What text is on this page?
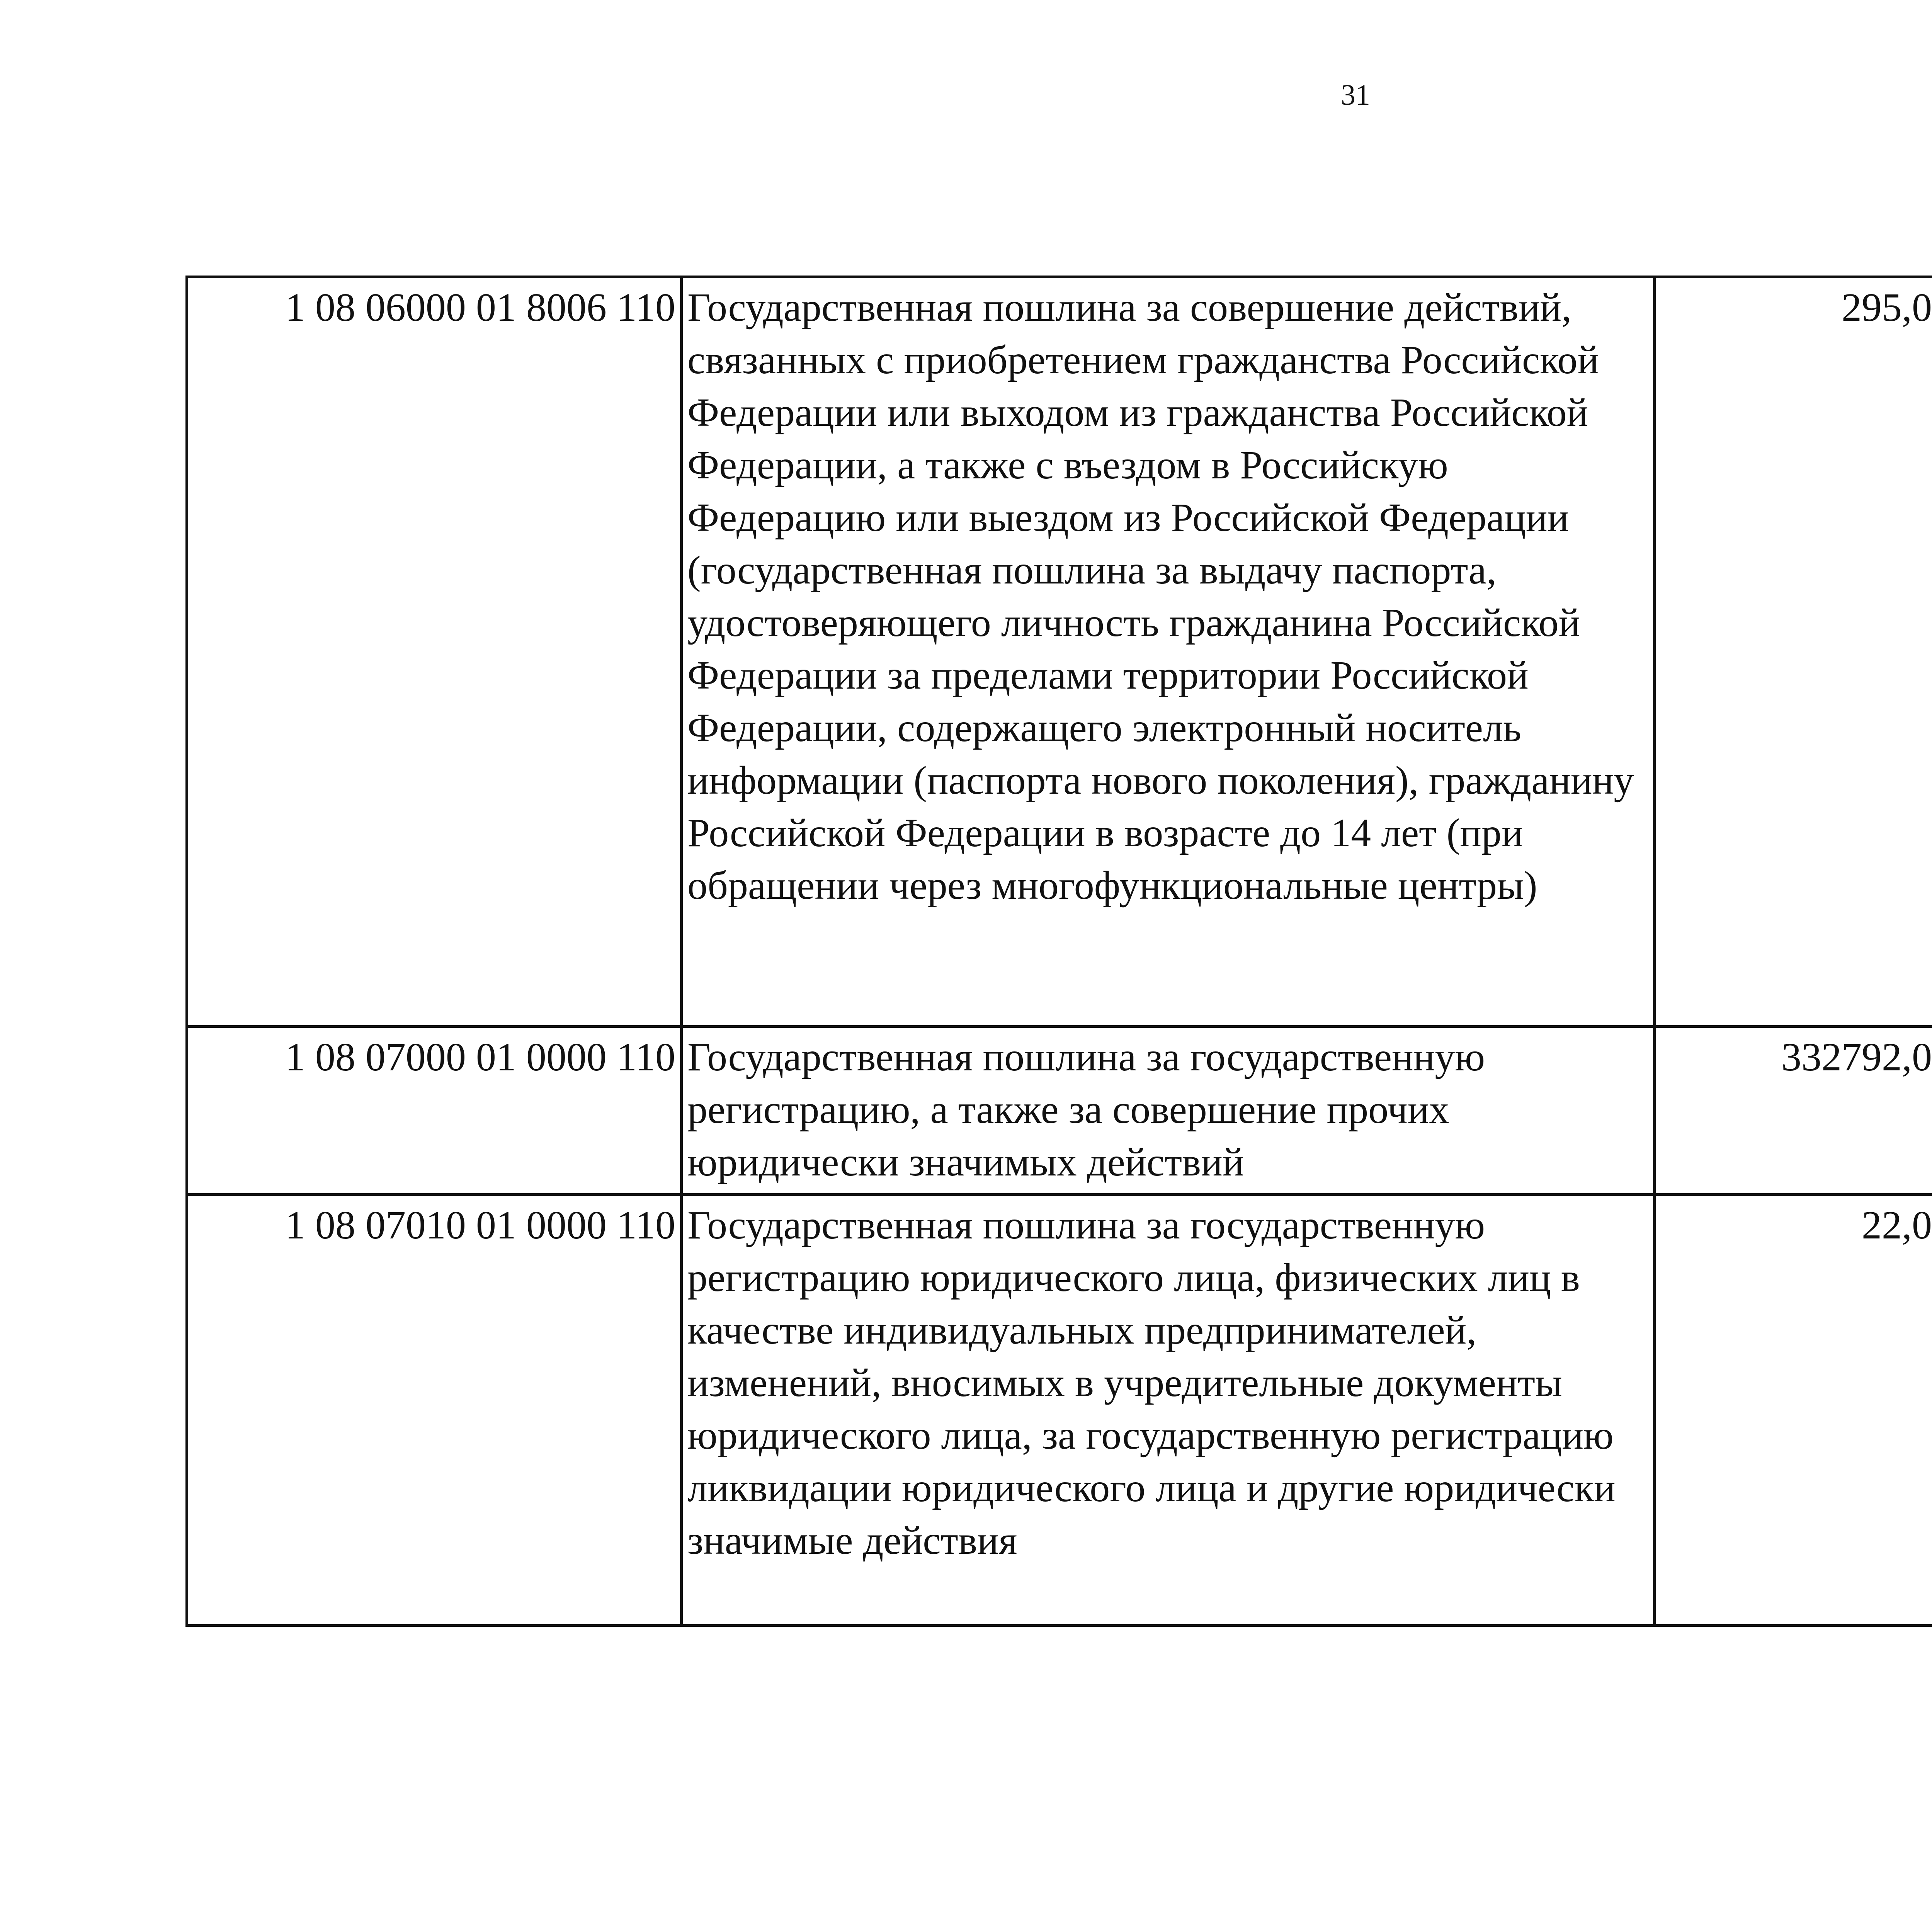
31
1 08 06000 01 8006 110	Государственная пошлина за совершение действий, связанных с приобретением гражданства Российской Федерации или выходом из гражданства Российской Федерации, а также с въездом в Российскую Федерацию или выездом из Российской Федерации (государственная пошлина за выдачу паспорта, удостоверяющего личность гражданина Российской Федерации за пределами территории Российской Федерации, содержащего электронный носитель информации (паспорта нового поколения), гражданину Российской Федерации в возрасте до 14 лет (при обращении через многофункциональные центры)	295,0		
1 08 07000 01 0000 110	Государственная пошлина за государственную регистрацию, а также за совершение прочих юридически значимых действий	332792,0		
1 08 07010 01 0000 110	Государственная пошлина за государственную регистрацию юридического лица, физических лиц в качестве индивидуальных предпринимателей, изменений, вносимых в учредительные документы юридического лица, за государственную регистрацию ликвидации юридического лица и другие юридически значимые действия	22,0		
